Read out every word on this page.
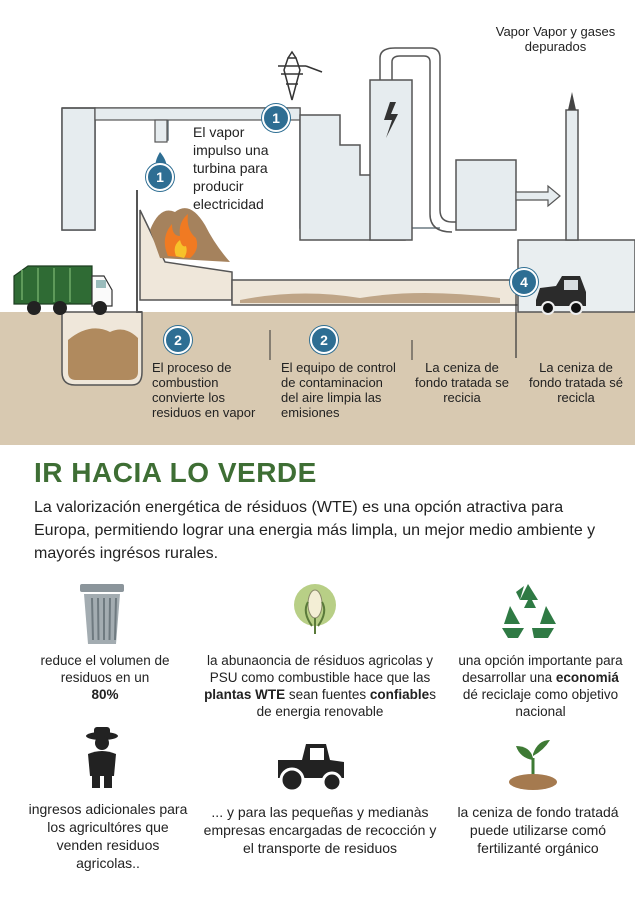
1
1
2	2
4
El vapor impulso una turbina para producir electricidad
Vapor Vapor y gases depurados
El proceso de combustion convierte los residuos en vapor
El equipo de control de contaminacion del aire limpia las emisiones
La ceniza de fondo tratada se recicia
La ceniza de fondo tratada sé recicla
IR HACIA LO VERDE
La valorización energética de résiduos (WTE) es una opción atractiva para Europa, permitiendo lograr una energia más limpla, un mejor medio ambiente y mayorés ingrésos rurales.
reduce el volumen de residuos en un
80%
la abunaoncia de résiduos agricolas y PSU como combustible hace que las plantas WTE sean fuentes confiables de energia renovable
una opción importante para desarrollar una economiá dé reciclaje como objetivo nacional
ingresos adicionales para los agricultóres que venden residuos agricolas..
... y para las pequeñas y medianàs empresas encargadas de recocción y el transporte de residuos
la ceniza de fondo tratadá puede utilizarse comó fertilizanté orgánico
